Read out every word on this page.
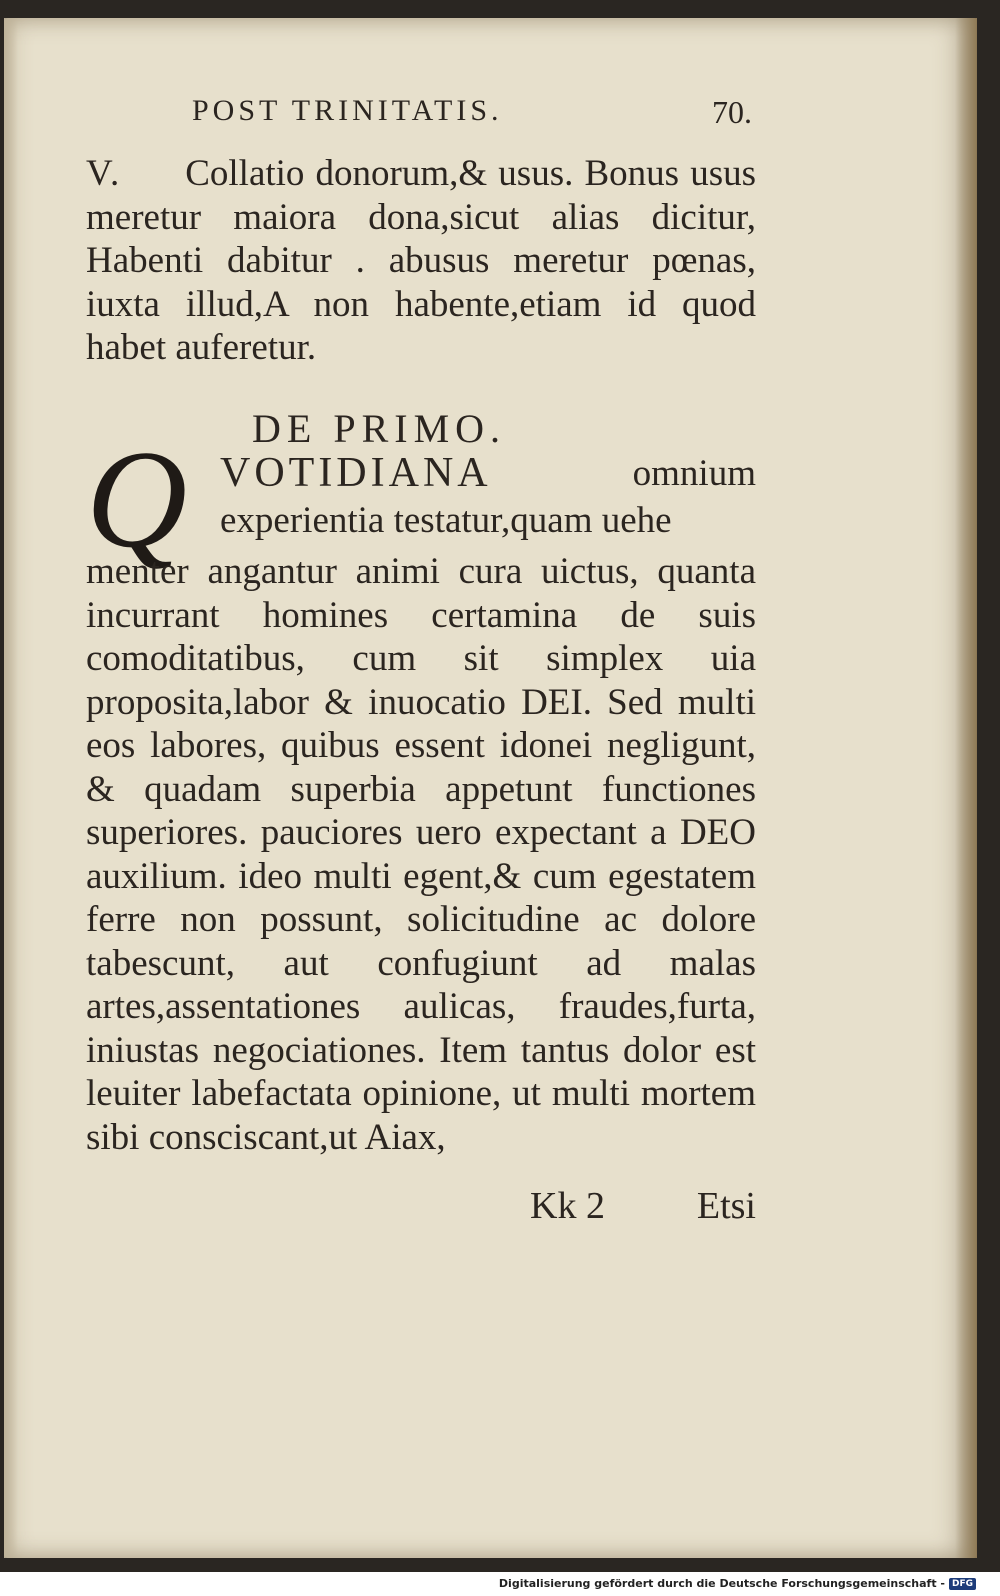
POST TRINITATIS.	70.
V. Collatio donorum,& usus. Bonus usus meretur maiora dona,sicut alias dicitur, Habenti dabitur . abusus meretur pœnas, iuxta illud,A non habente,etiam id quod habet auferetur.
DE PRIMO.
Q VOTIDIANA	omnium
experientia testatur,quam uehe
menter angantur animi cura uictus, quanta incurrant homines certamina de suis comoditatibus, cum sit simplex uia proposita,labor & inuocatio DEI. Sed multi eos labores, quibus essent idonei negligunt, & quadam superbia appetunt functiones superiores. pauciores uero expectant a DEO auxilium. ideo multi egent,& cum egestatem ferre non possunt, solicitudine ac dolore tabescunt, aut confugiunt ad malas artes,assentationes aulicas, fraudes,furta, iniustas negociationes. Item tantus dolor est leuiter labefactata opinione, ut multi mortem sibi consciscant,ut Aiax,
Kk 2 Etsi
Digitalisierung gefördert durch die Deutsche Forschungsgemeinschaft - DFG
